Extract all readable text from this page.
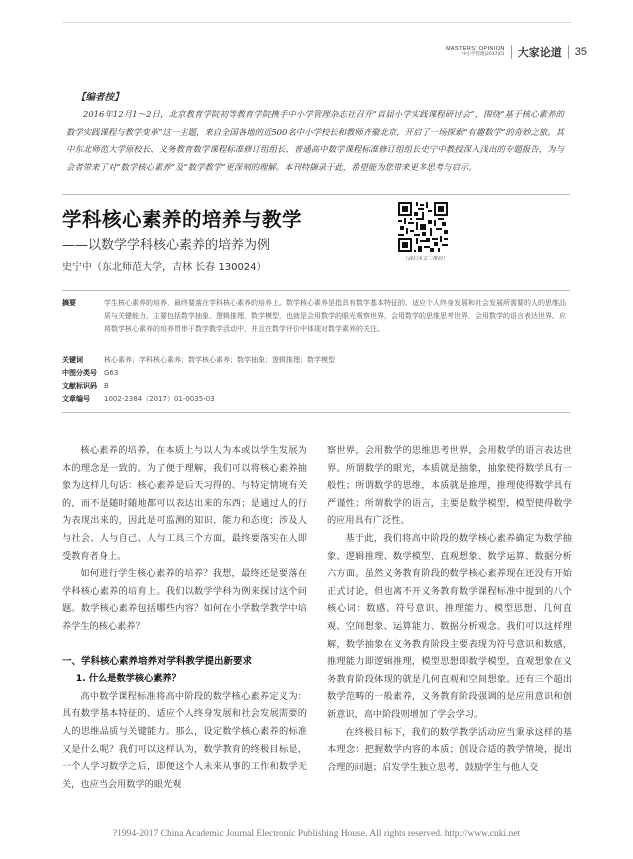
MASTERS' OPINION
中小学管理|2017|01 大家论道 35
【编者按】
2016年12月1～2日，北京教育学院初等教育学院携手中小学管理杂志社召开“首届小学实践课程研讨会”，围绕“基于核心素养的数学实践课程与教学变革”这一主题，来自全国各地的近500名中小学校长和教师齐聚北京，开启了一场探索“有趣数学”的奇妙之旅。其中东北师范大学原校长、义务教育数学课程标准修订组组长、普通高中数学课程标准修订组组长史宁中教授深入浅出的专题报告，为与会者带来了对“数学核心素养”及“数学教学”更深刻的理解。本刊特撷录于此，希望能为您带来更多思考与启示。
学科核心素养的培养与教学
——以数学学科核心素养的培养为例
史宁中（东北师范大学，吉林 长春 130024）
（请扫本文二维码）
摘要	学生核心素养的培养，最终要落在学科核心素养的培养上。数学核心素养是指具有数学基本特征的、适应个人终身发展和社会发展所需要的人的思维品质与关键能力，主要包括数学抽象、逻辑推理、数学模型，也就是会用数学的眼光观察世界，会用数学的思维思考世界，会用数学的语言表达世界。应将数学核心素养的培养贯串于数学教学活动中，并且在数学评价中体现对数学素养的关注。
关键词	核心素养；学科核心素养；数学核心素养；数学抽象；逻辑推理；数学模型
中图分类号	G63
文献标识码	B
文章编号	1002-2384（2017）01-0035-03

核心素养的培养，在本质上与以人为本或以学生发展为本的理念是一致的。为了便于理解，我们可以将核心素养抽象为这样几句话：核心素养是后天习得的、与特定情境有关的，而不是随时随地都可以表达出来的东西；是通过人的行为表现出来的，因此是可监测的知识、能力和态度；涉及人与社会、人与自己、人与工具三个方面，最终要落实在人即受教育者身上。

如何进行学生核心素养的培养？我想，最终还是要落在学科核心素养的培育上。我们以数学学科为例来探讨这个问题。数学核心素养包括哪些内容？如何在小学数学教学中培养学生的核心素养？

一、学科核心素养培养对学科教学提出新要求

1. 什么是数学核心素养？

高中数学课程标准将高中阶段的数学核心素养定义为：具有数学基本特征的、适应个人终身发展和社会发展需要的人的思维品质与关键能力。那么，设定数学核心素养的标准又是什么呢？我们可以这样认为，数学教育的终极目标是，一个人学习数学之后，即便这个人未来从事的工作和数学无关，也应当会用数学的眼光观

察世界，会用数学的思维思考世界，会用数学的语言表达世界。所谓数学的眼光，本质就是抽象，抽象使得数学具有一般性；所谓数学的思维，本质就是推理，推理使得数学具有严谨性；所谓数学的语言，主要是数学模型，模型使得数学的应用具有广泛性。

基于此，我们将高中阶段的数学核心素养确定为数学抽象、逻辑推理、数学模型、直观想象、数学运算、数据分析六方面。虽然义务教育阶段的数学核心素养现在还没有开始正式讨论，但也离不开义务教育数学课程标准中提到的八个核心词：数感、符号意识、推理能力、模型思想、几何直观、空间想象、运算能力、数据分析观念。我们可以这样理解，数学抽象在义务教育阶段主要表现为符号意识和数感，推理能力即逻辑推理，模型思想即数学模型，直观想象在义务教育阶段体现的就是几何直观和空间想象。还有三个超出数学范畴的一般素养，义务教育阶段强调的是应用意识和创新意识，高中阶段则增加了学会学习。

在终极目标下，我们的数学教学活动应当秉承这样的基本理念：把握数学内容的本质；创设合适的教学情境，提出合理的问题；启发学生独立思考，鼓励学生与他人交

?1994-2017 China Academic Journal Electronic Publishing House. All rights reserved. http://www.cnki.net
